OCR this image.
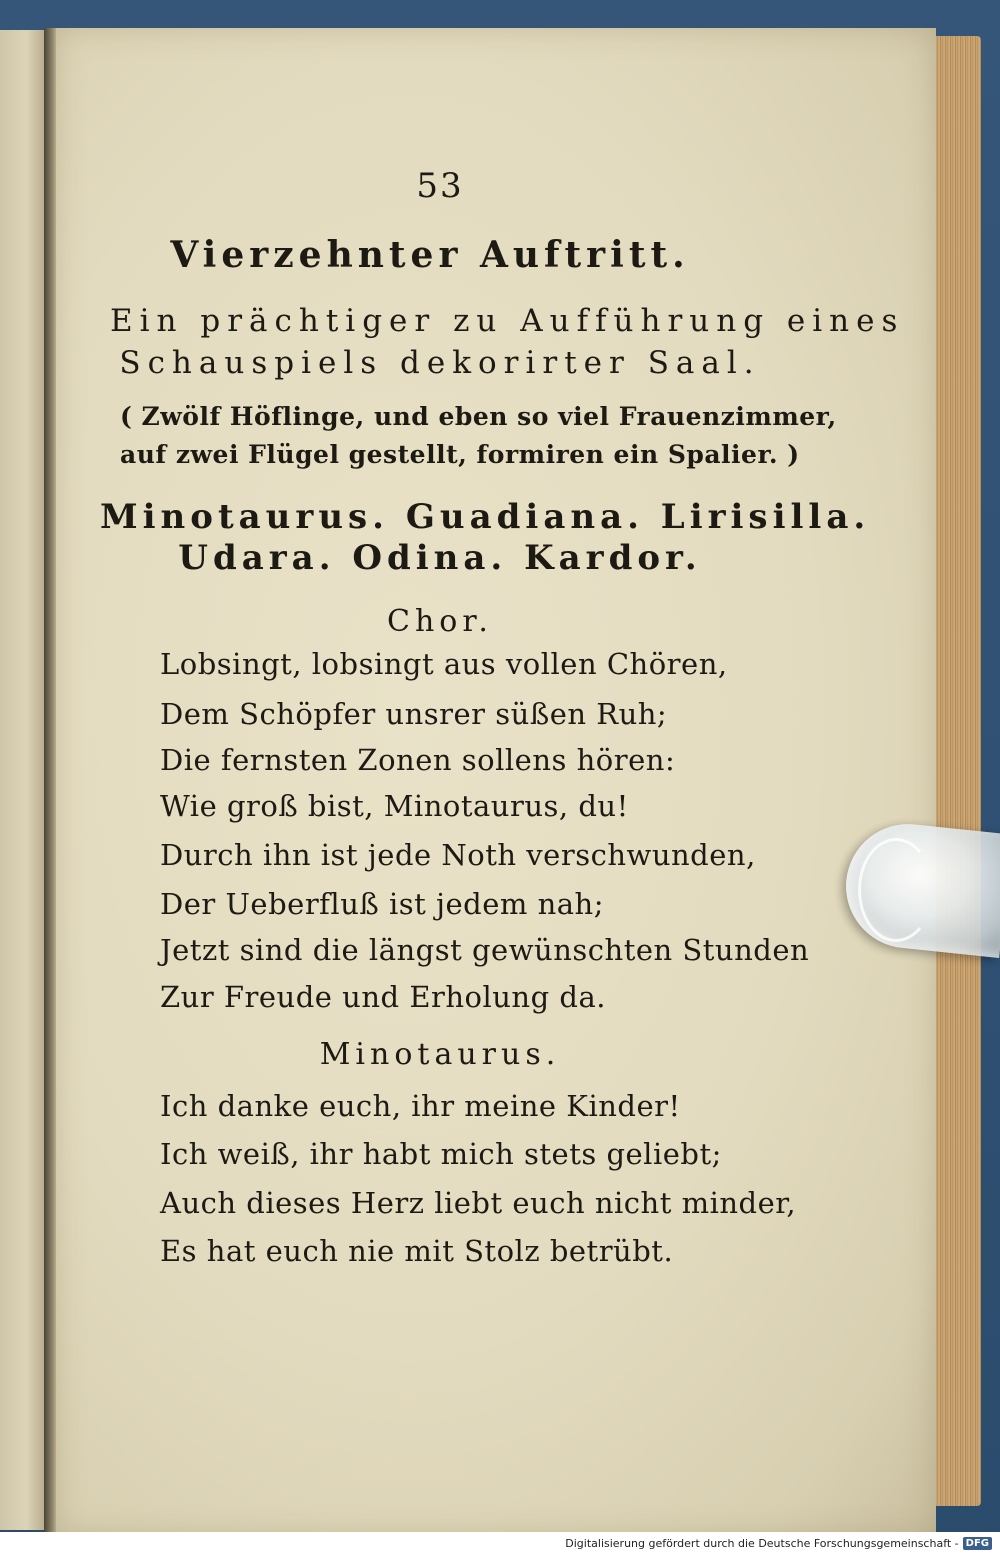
53
Vierzehnter Auftritt.
Ein prächtiger zu Aufführung eines
Schauspiels dekorirter Saal.
( Zwölf Höflinge, und eben so viel Frauenzimmer,
auf zwei Flügel gestellt, formiren ein Spalier. )
Minotaurus. Guadiana. Lirisilla.
Udara. Odina. Kardor.
Chor.
Lobsingt, lobsingt aus vollen Chören,
Dem Schöpfer unsrer süßen Ruh;
Die fernsten Zonen sollens hören:
Wie groß bist, Minotaurus, du!
Durch ihn ist jede Noth verschwunden,
Der Ueberfluß ist jedem nah;
Jetzt sind die längst gewünschten Stunden
Zur Freude und Erholung da.
Minotaurus.
Ich danke euch, ihr meine Kinder!
Ich weiß, ihr habt mich stets geliebt;
Auch dieses Herz liebt euch nicht minder,
Es hat euch nie mit Stolz betrübt.
Digitalisierung gefördert durch die Deutsche Forschungsgemeinschaft - DFG
